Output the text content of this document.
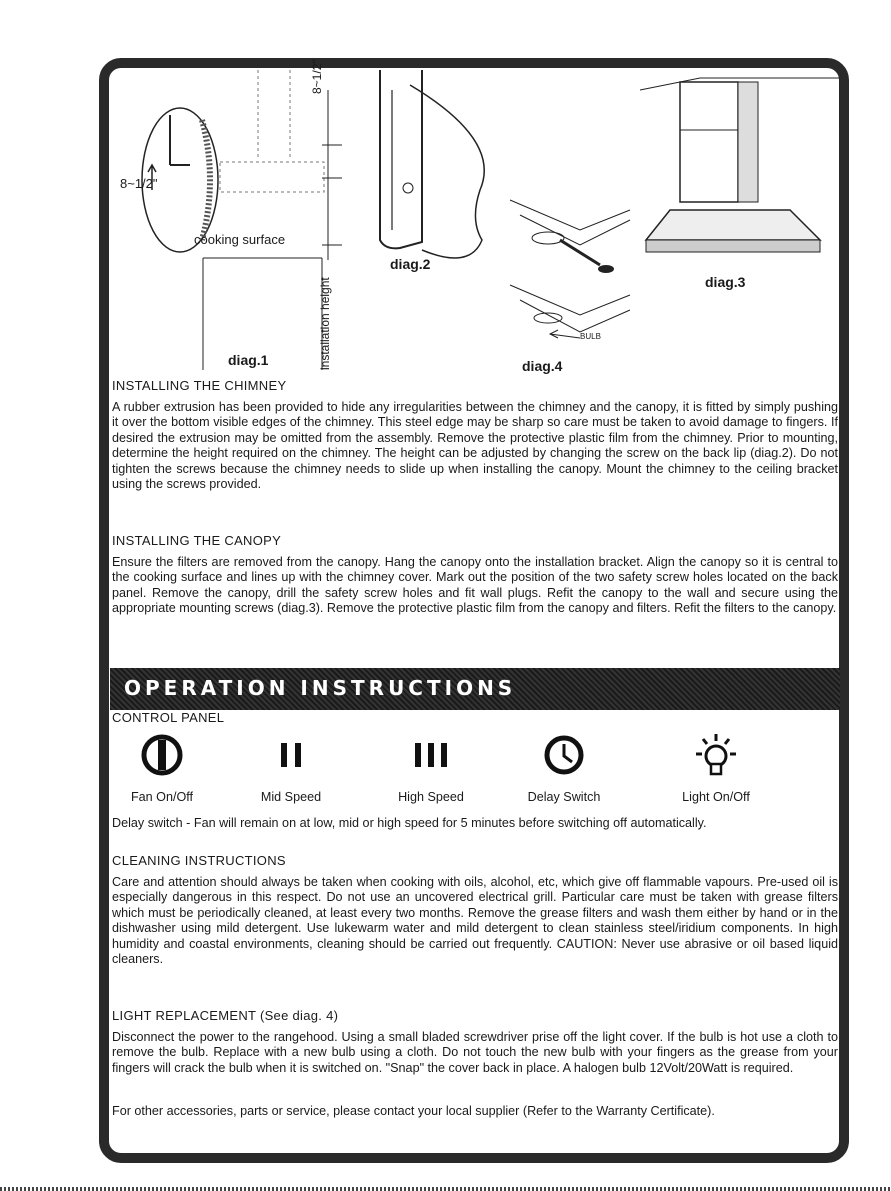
8~1/2"
8~1/2"
cooking surface
installation height
diag.1
diag.2
diag.3
BULB
diag.4
INSTALLING THE CHIMNEY
A rubber extrusion has been provided to hide any irregularities between the chimney and the canopy, it is fitted by simply pushing it over the bottom visible edges of the chimney. This steel edge may be sharp so care must be taken to avoid damage to fingers. If desired the extrusion may be omitted from the assembly. Remove the protective plastic film from the chimney. Prior to mounting, determine the height required on the chimney. The height can be adjusted by changing the screw on the back lip (diag.2). Do not tighten the screws because the chimney needs to slide up when installing the canopy. Mount the chimney to the ceiling bracket using the screws provided.
INSTALLING THE CANOPY
Ensure the filters are removed from the canopy. Hang the canopy onto the installation bracket. Align the canopy so it is central to the cooking surface and lines up with the chimney cover. Mark out the position of the two safety screw holes located on the back panel. Remove the canopy, drill the safety screw holes and fit wall plugs. Refit the canopy to the wall and secure using the appropriate mounting screws (diag.3). Remove the protective plastic film from the canopy and filters. Refit the filters to the canopy.
OPERATION INSTRUCTIONS
CONTROL PANEL
Fan On/Off	Mid Speed	High Speed	Delay Switch	Light On/Off
Delay switch - Fan will remain on at low, mid or high speed for 5 minutes before switching off automatically.
CLEANING INSTRUCTIONS
Care and attention should always be taken when cooking with oils, alcohol, etc, which give off flammable vapours. Pre-used oil is especially dangerous in this respect. Do not use an uncovered electrical grill. Particular care must be taken with grease filters which must be periodically cleaned, at least every two months. Remove the grease filters and wash them either by hand or in the dishwasher using mild detergent. Use lukewarm water and mild detergent to clean stainless steel/iridium components. In high humidity and coastal environments, cleaning should be carried out frequently. CAUTION: Never use abrasive or oil based liquid cleaners.
LIGHT REPLACEMENT (See diag. 4)
Disconnect the power to the rangehood. Using a small bladed screwdriver prise off the light cover. If the bulb is hot use a cloth to remove the bulb. Replace with a new bulb using a cloth. Do not touch the new bulb with your fingers as the grease from your fingers will crack the bulb when it is switched on. "Snap" the cover back in place. A halogen bulb 12Volt/20Watt is required.
For other accessories, parts or service, please contact your local supplier (Refer to the Warranty Certificate).
